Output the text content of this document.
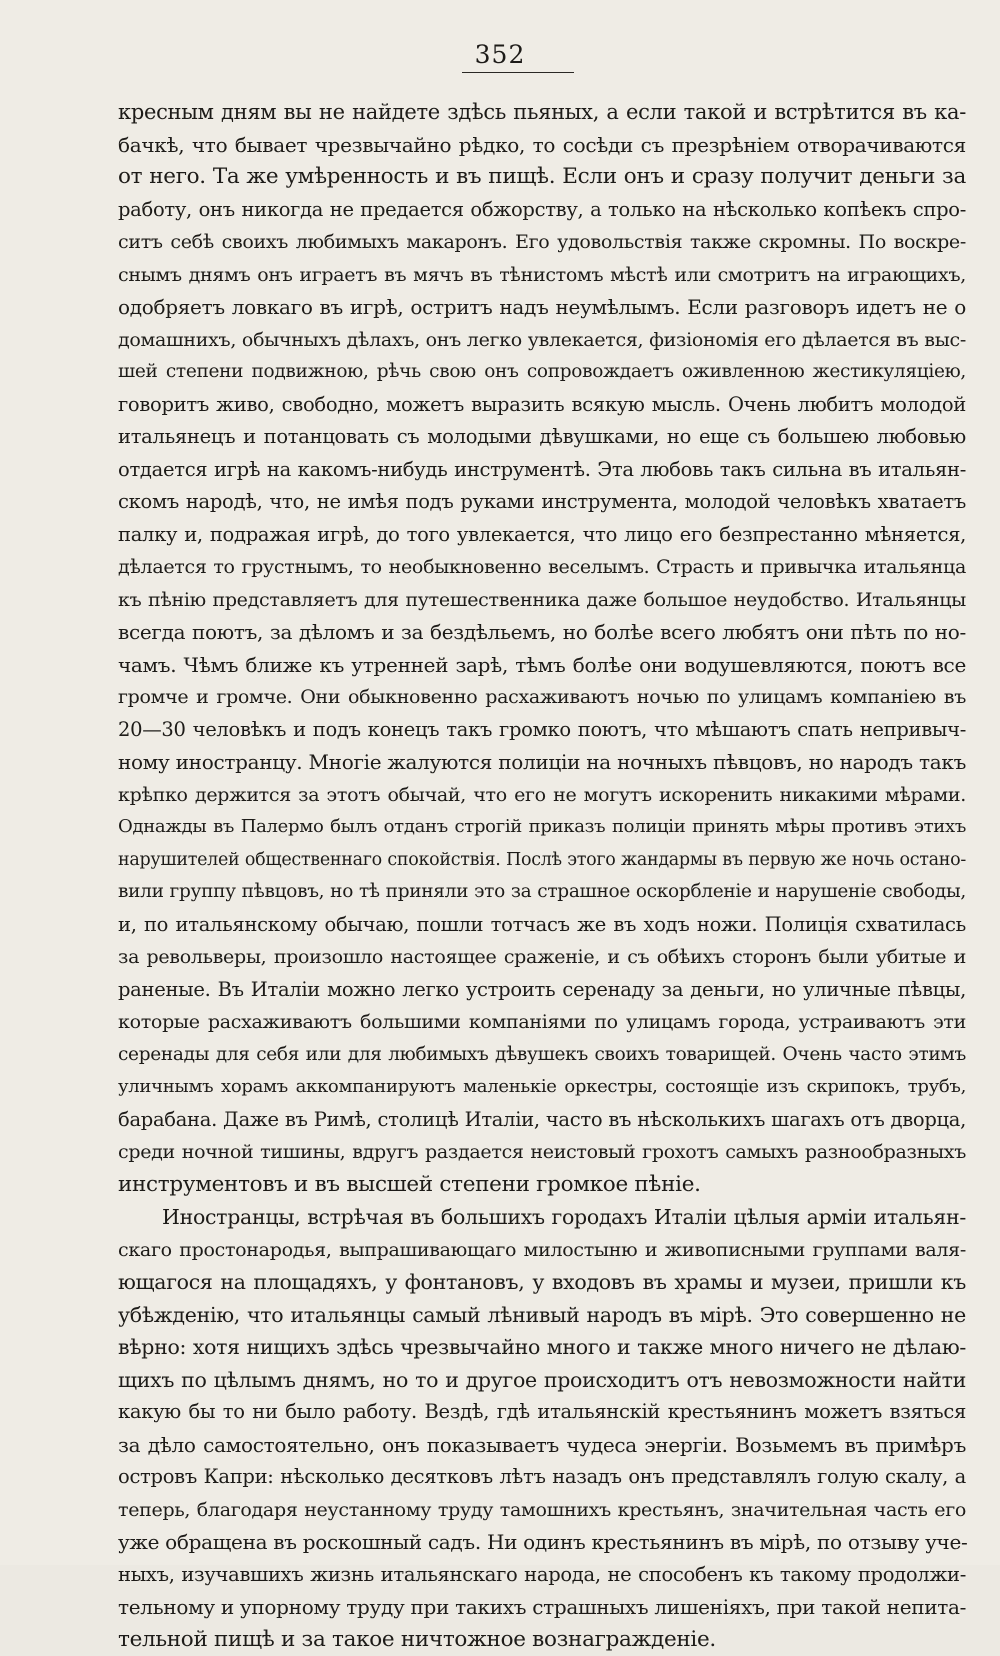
352
кресным дням вы не найдете здѣсь пьяных, а если такой и встрѣтится въ ка-
бачкѣ, что бывает чрезвычайно рѣдко, то сосѣди съ презрѣнiем отворачиваются
от него. Та же умѣренность и въ пищѣ. Если онъ и сразу получит деньги за
работу, онъ никогда не предается обжорству, а только на нѣсколько копѣекъ спро-
ситъ себѣ своихъ любимыхъ макаронъ. Его удовольствiя также скромны. По воскре-
снымъ днямъ онъ играетъ въ мячъ въ тѣнистомъ мѣстѣ или смотритъ на играющихъ,
одобряетъ ловкаго въ игрѣ, остритъ надъ неумѣлымъ. Если разговоръ идетъ не о
домашнихъ, обычныхъ дѣлахъ, онъ легко увлекается, физiономiя его дѣлается въ выс-
шей степени подвижною, рѣчь свою онъ сопровождаетъ оживленною жестикуляцiею,
говоритъ живо, свободно, можетъ выразить всякую мысль. Очень любитъ молодой
итальянецъ и потанцовать съ молодыми дѣвушками, но еще съ большею любовью
отдается игрѣ на какомъ-нибудь инструментѣ. Эта любовь такъ сильна въ итальян-
скомъ народѣ, что, не имѣя подъ руками инструмента, молодой человѣкъ хватаетъ
палку и, подражая игрѣ, до того увлекается, что лицо его безпрестанно мѣняется,
дѣлается то грустнымъ, то необыкновенно веселымъ. Страсть и привычка итальянца
къ пѣнiю представляетъ для путешественника даже большое неудобство. Итальянцы
всегда поютъ, за дѣломъ и за бездѣльемъ, но болѣе всего любятъ они пѣть по но-
чамъ. Чѣмъ ближе къ утренней зарѣ, тѣмъ болѣе они водушевляются, поютъ все
громче и громче. Они обыкновенно расхаживаютъ ночью по улицамъ компанiею въ
20—30 человѣкъ и подъ конецъ такъ громко поютъ, что мѣшаютъ спать непривыч-
ному иностранцу. Многiе жалуются полицiи на ночныхъ пѣвцовъ, но народъ такъ
крѣпко держится за этотъ обычай, что его не могутъ искоренить никакими мѣрами.
Однажды въ Палермо былъ отданъ строгiй приказъ полицiи принять мѣры противъ этихъ
нарушителей общественнаго спокойствiя. Послѣ этого жандармы въ первую же ночь остано-
вили группу пѣвцовъ, но тѣ приняли это за страшное оскорбленiе и нарушенiе свободы,
и, по итальянскому обычаю, пошли тотчасъ же въ ходъ ножи. Полицiя схватилась
за револьверы, произошло настоящее сраженiе, и съ обѣихъ сторонъ были убитые и
раненые. Въ Италiи можно легко устроить серенаду за деньги, но уличные пѣвцы,
которые расхаживаютъ большими компанiями по улицамъ города, устраиваютъ эти
серенады для себя или для любимыхъ дѣвушекъ своихъ товарищей. Очень часто этимъ
уличнымъ хорамъ аккомпанируютъ маленькiе оркестры, состоящiе изъ скрипокъ, трубъ,
барабана. Даже въ Римѣ, столицѣ Италiи, часто въ нѣсколькихъ шагахъ отъ дворца,
среди ночной тишины, вдругъ раздается неистовый грохотъ самыхъ разнообразныхъ
инструментовъ и въ высшей степени громкое пѣнiе.
Иностранцы, встрѣчая въ большихъ городахъ Италiи цѣлыя армiи итальян-
скаго простонародья, выпрашивающаго милостыню и живописными группами валя-
ющагося на площадяхъ, у фонтановъ, у входовъ въ храмы и музеи, пришли къ
убѣжденiю, что итальянцы самый лѣнивый народъ въ мiрѣ. Это совершенно не
вѣрно: хотя нищихъ здѣсь чрезвычайно много и также много ничего не дѣлаю-
щихъ по цѣлымъ днямъ, но то и другое происходитъ отъ невозможности найти
какую бы то ни было работу. Вездѣ, гдѣ итальянскiй крестьянинъ можетъ взяться
за дѣло самостоятельно, онъ показываетъ чудеса энергiи. Возьмемъ въ примѣръ
островъ Капри: нѣсколько десятковъ лѣтъ назадъ онъ представлялъ голую скалу, а
теперь, благодаря неустанному труду тамошнихъ крестьянъ, значительная часть его
уже обращена въ роскошный садъ. Ни одинъ крестьянинъ въ мiрѣ, по отзыву уче-
ныхъ, изучавшихъ жизнь итальянскаго народа, не способенъ къ такому продолжи-
тельному и упорному труду при такихъ страшныхъ лишенiяхъ, при такой непита-
тельной пищѣ и за такое ничтожное вознагражденiе.
